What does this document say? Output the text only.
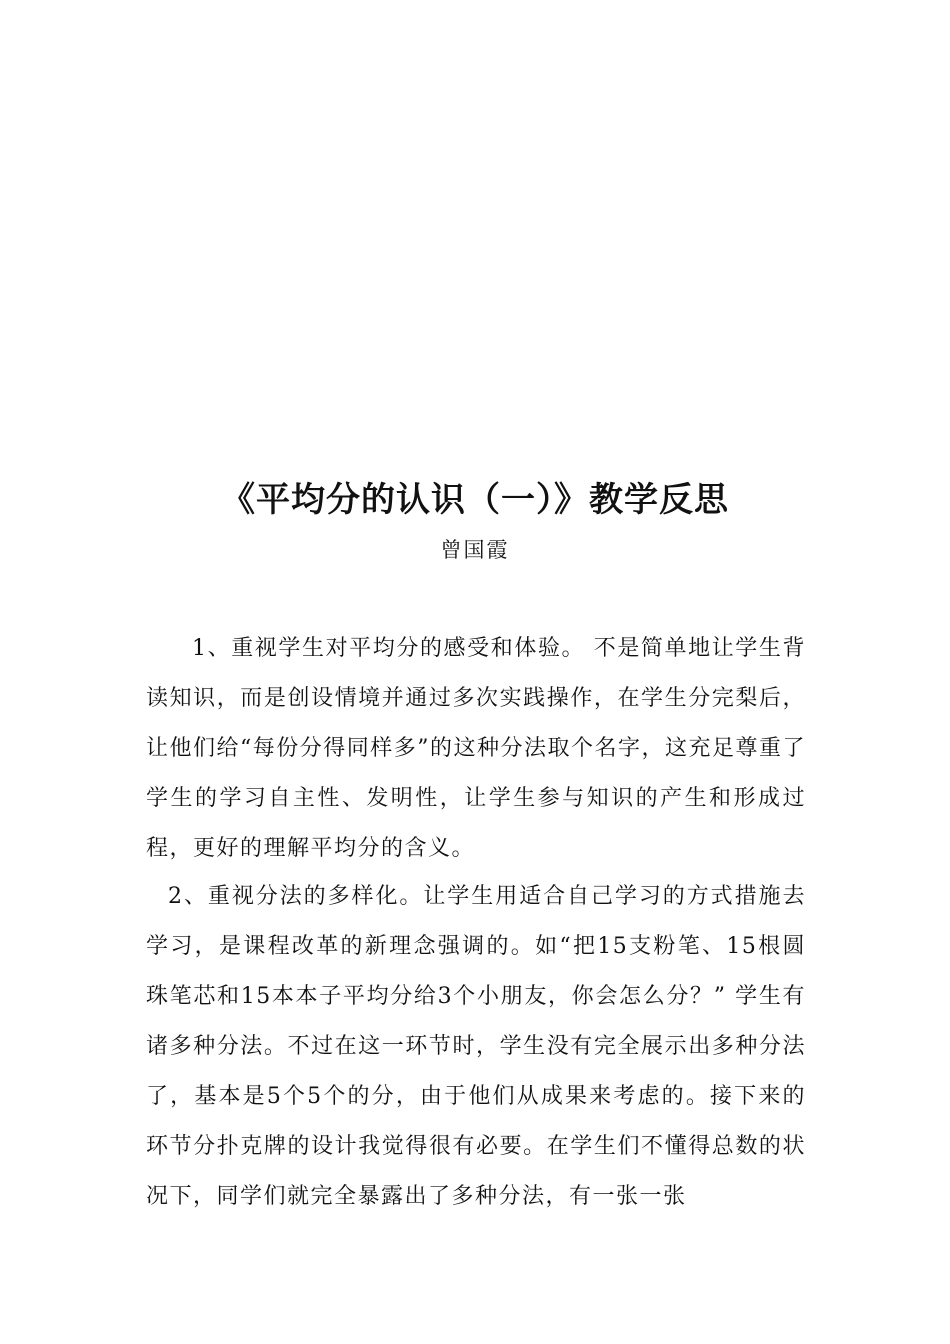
《平均分的认识（一）》教学反思
曾国霞

1、重视学生对平均分的感受和体验。 不是简单地让学生背读知识，而是创设情境并通过多次实践操作，在学生分完梨后，让他们给“每份分得同样多”的这种分法取个名字，这充足尊重了学生的学习自主性、发明性，让学生参与知识的产生和形成过程，更好的理解平均分的含义。

2、重视分法的多样化。让学生用适合自己学习的方式措施去学习，是课程改革的新理念强调的。如“把15支粉笔、15根圆珠笔芯和15本本子平均分给3个小朋友，你会怎么分？” 学生有诸多种分法。不过在这一环节时，学生没有完全展示出多种分法了，基本是5个5个的分，由于他们从成果来考虑的。接下来的环节分扑克牌的设计我觉得很有必要。在学生们不懂得总数的状况下，同学们就完全暴露出了多种分法，有一张一张
